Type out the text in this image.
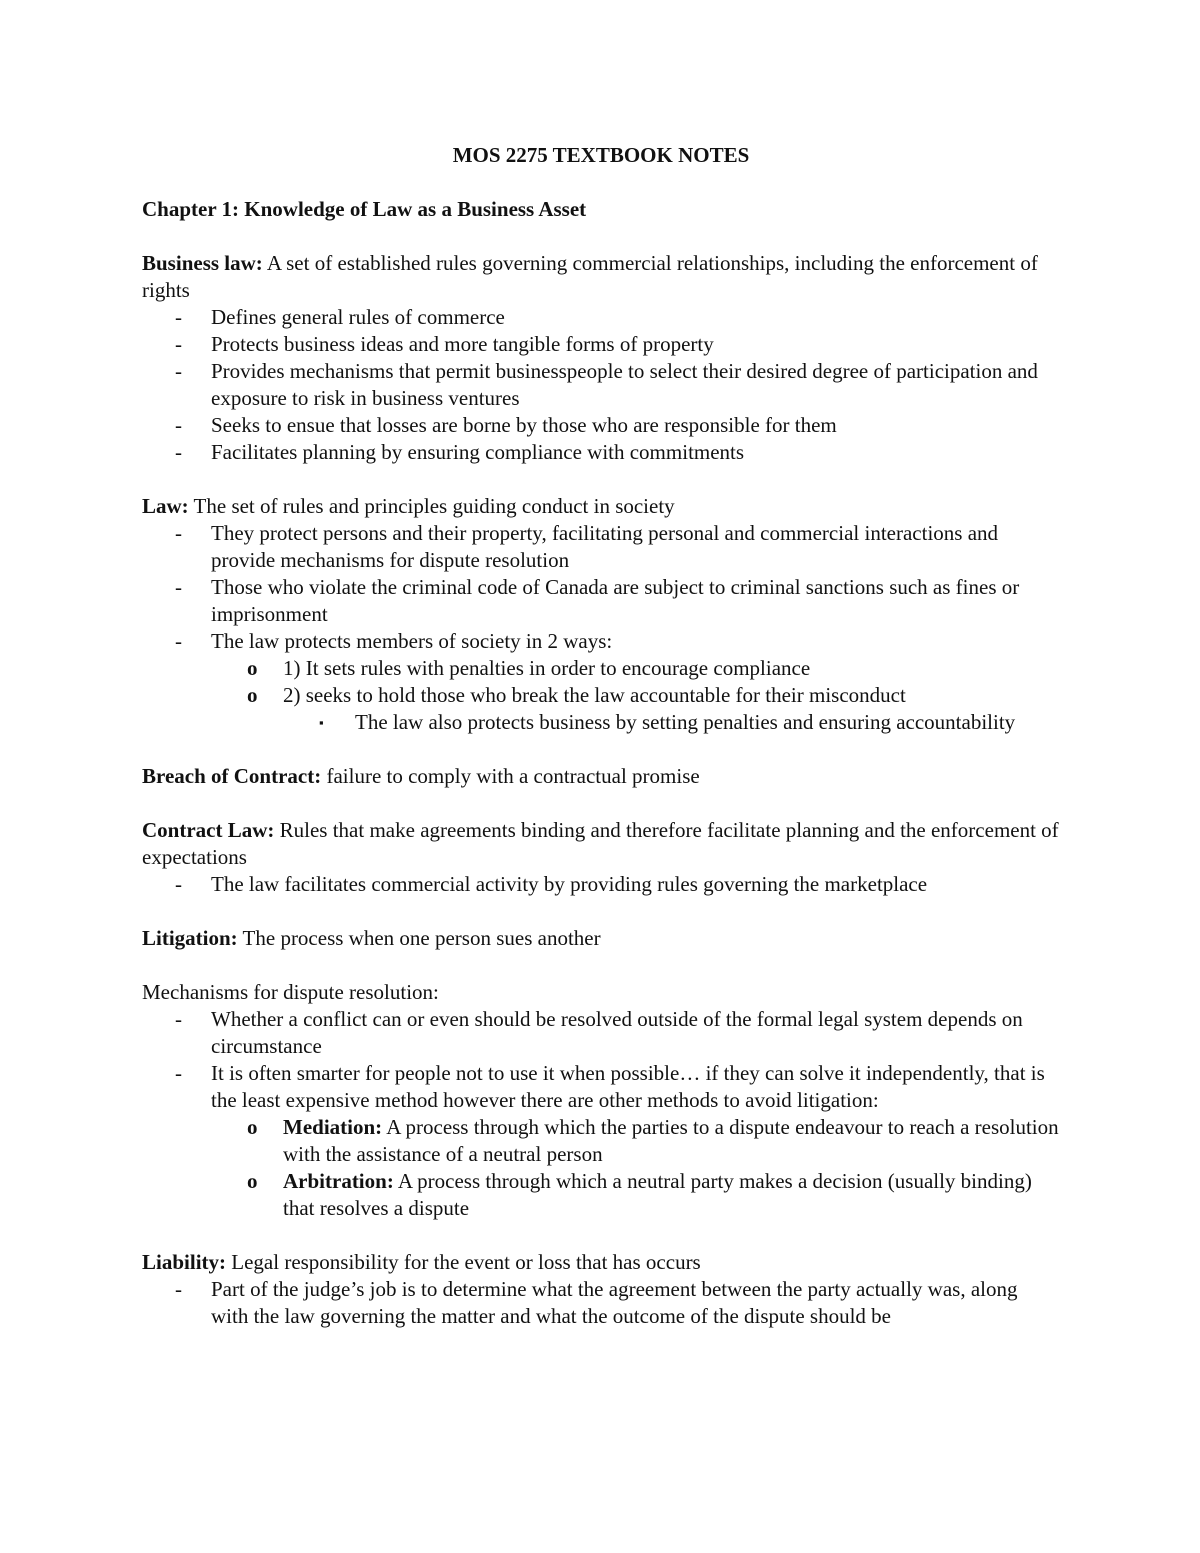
MOS 2275 TEXTBOOK NOTES

Chapter 1: Knowledge of Law as a Business Asset

Business law: A set of established rules governing commercial relationships, including the enforcement of rights

- Defines general rules of commerce
- Protects business ideas and more tangible forms of property
- Provides mechanisms that permit businesspeople to select their desired degree of participation and exposure to risk in business ventures
- Seeks to ensue that losses are borne by those who are responsible for them
- Facilitates planning by ensuring compliance with commitments

Law: The set of rules and principles guiding conduct in society

- They protect persons and their property, facilitating personal and commercial interactions and provide mechanisms for dispute resolution
- Those who violate the criminal code of Canada are subject to criminal sanctions such as fines or imprisonment
- The law protects members of society in 2 ways:
o 1) It sets rules with penalties in order to encourage compliance
o 2) seeks to hold those who break the law accountable for their misconduct
▪ The law also protects business by setting penalties and ensuring accountability

Breach of Contract: failure to comply with a contractual promise

Contract Law: Rules that make agreements binding and therefore facilitate planning and the enforcement of expectations

- The law facilitates commercial activity by providing rules governing the marketplace

Litigation: The process when one person sues another

Mechanisms for dispute resolution:

- Whether a conflict can or even should be resolved outside of the formal legal system depends on circumstance
- It is often smarter for people not to use it when possible… if they can solve it independently, that is the least expensive method however there are other methods to avoid litigation:
o Mediation: A process through which the parties to a dispute endeavour to reach a resolution with the assistance of a neutral person
o Arbitration: A process through which a neutral party makes a decision (usually binding) that resolves a dispute

Liability: Legal responsibility for the event or loss that has occurs

- Part of the judge’s job is to determine what the agreement between the party actually was, along with the law governing the matter and what the outcome of the dispute should be
